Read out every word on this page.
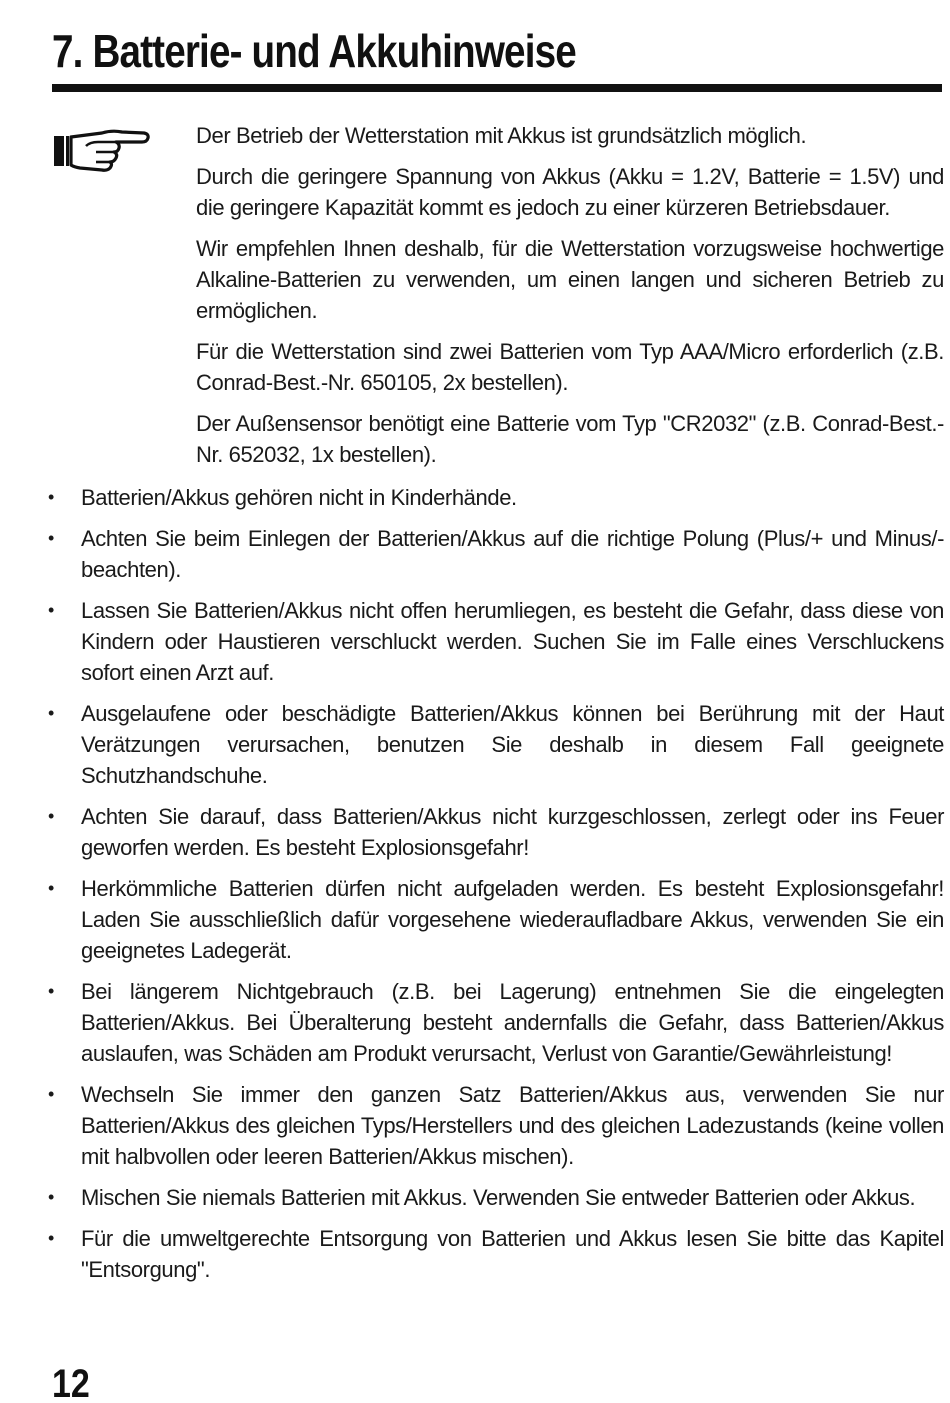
7. Batterie- und Akkuhinweise

Der Betrieb der Wetterstation mit Akkus ist grundsätzlich möglich.

Durch die geringere Spannung von Akkus (Akku = 1.2V, Batterie = 1.5V) und die geringere Kapazität kommt es jedoch zu einer kürzeren Betriebsdauer.

Wir empfehlen Ihnen deshalb, für die Wetterstation vorzugsweise hochwertige Alkaline-Batterien zu verwenden, um einen langen und sicheren Betrieb zu ermöglichen.

Für die Wetterstation sind zwei Batterien vom Typ AAA/Micro erforderlich (z.B. Conrad-Best.-Nr. 650105, 2x bestellen).

Der Außensensor benötigt eine Batterie vom Typ "CR2032" (z.B. Conrad-Best.-Nr. 652032, 1x bestellen).

• Batterien/Akkus gehören nicht in Kinderhände.
• Achten Sie beim Einlegen der Batterien/Akkus auf die richtige Polung (Plus/+ und Minus/- beachten).
• Lassen Sie Batterien/Akkus nicht offen herumliegen, es besteht die Gefahr, dass diese von Kindern oder Haustieren verschluckt werden. Suchen Sie im Falle eines Verschluckens sofort einen Arzt auf.
• Ausgelaufene oder beschädigte Batterien/Akkus können bei Berührung mit der Haut Verätzungen verursachen, benutzen Sie deshalb in diesem Fall geeignete Schutzhandschuhe.
• Achten Sie darauf, dass Batterien/Akkus nicht kurzgeschlossen, zerlegt oder ins Feuer geworfen werden. Es besteht Explosionsgefahr!
• Herkömmliche Batterien dürfen nicht aufgeladen werden. Es besteht Explosionsgefahr! Laden Sie ausschließlich dafür vorgesehene wiederaufladbare Akkus, verwenden Sie ein geeignetes Ladegerät.
• Bei längerem Nichtgebrauch (z.B. bei Lagerung) entnehmen Sie die eingelegten Batterien/Akkus. Bei Überalterung besteht andernfalls die Gefahr, dass Batterien/Akkus auslaufen, was Schäden am Produkt verursacht, Verlust von Garantie/Gewährleistung!
• Wechseln Sie immer den ganzen Satz Batterien/Akkus aus, verwenden Sie nur Batterien/Akkus des gleichen Typs/Herstellers und des gleichen Ladezustands (keine vollen mit halbvollen oder leeren Batterien/Akkus mischen).
• Mischen Sie niemals Batterien mit Akkus. Verwenden Sie entweder Batterien oder Akkus.
• Für die umweltgerechte Entsorgung von Batterien und Akkus lesen Sie bitte das Kapitel "Entsorgung".
12
